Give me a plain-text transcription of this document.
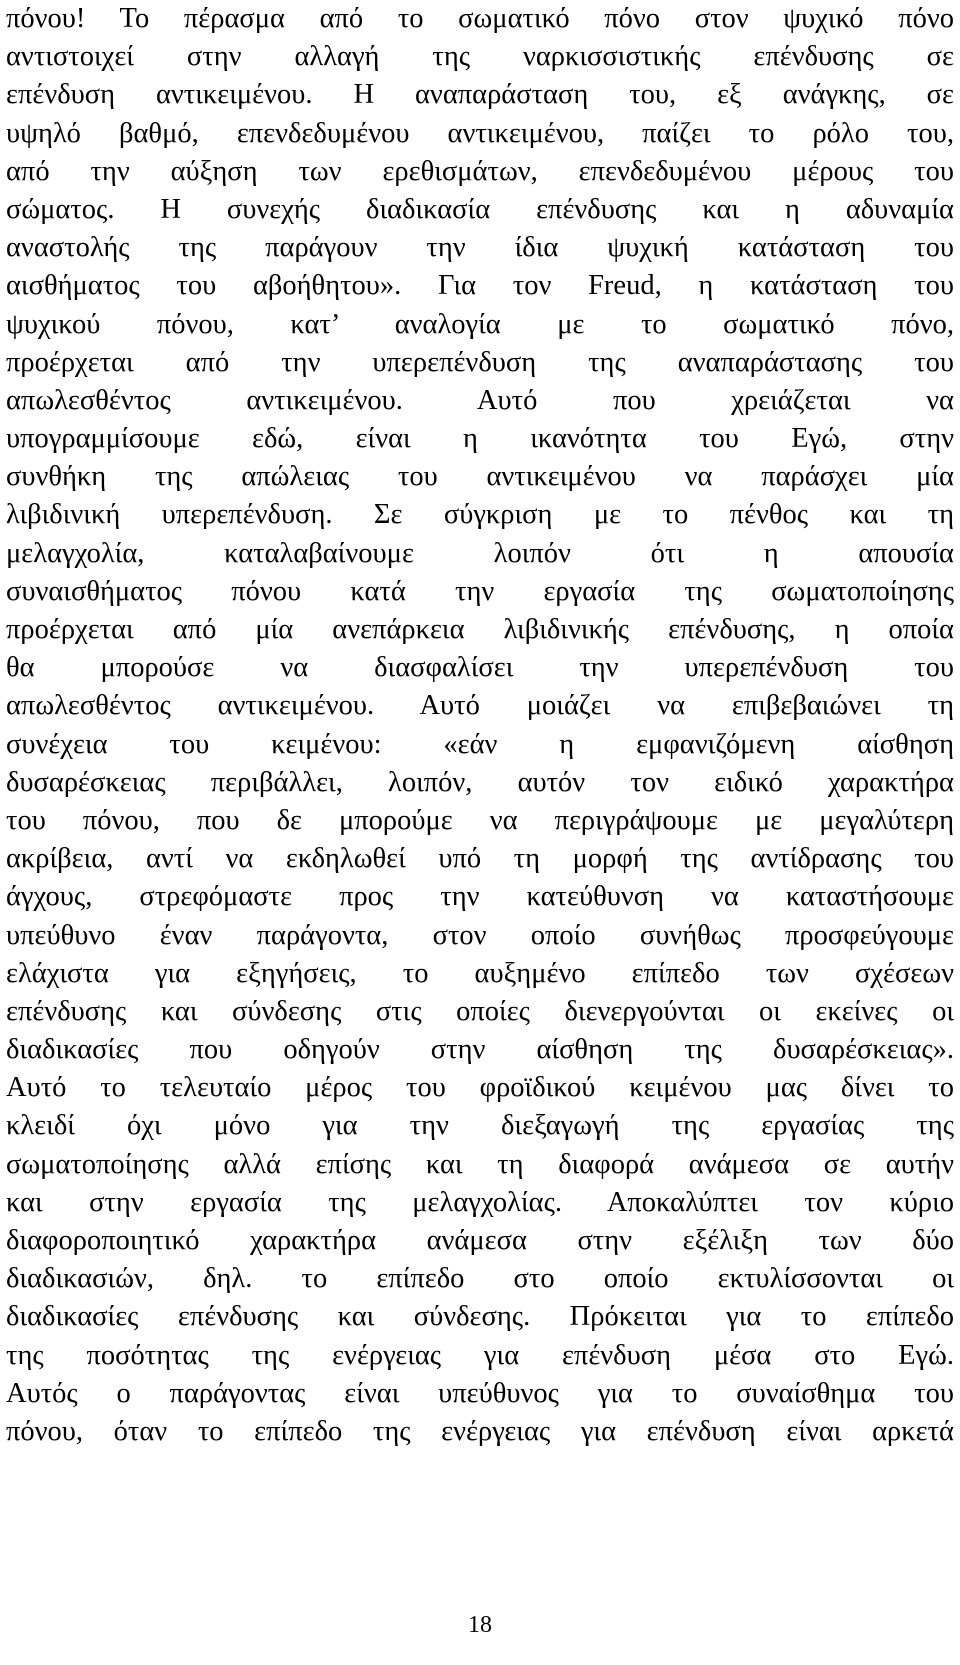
πόνου! Το πέρασμα από το σωματικό πόνο στον ψυχικό πόνο
αντιστοιχεί στην αλλαγή της ναρκισσιστικής επένδυσης σε
επένδυση αντικειμένου. Η αναπαράσταση του, εξ ανάγκης, σε
υψηλό βαθμό, επενδεδυμένου αντικειμένου, παίζει το ρόλο του,
από την αύξηση των ερεθισμάτων, επενδεδυμένου μέρους του
σώματος. Η συνεχής διαδικασία επένδυσης και η αδυναμία
αναστολής της παράγουν την ίδια ψυχική κατάσταση του
αισθήματος του αβοήθητου». Για τον Freud, η κατάσταση του
ψυχικού πόνου, κατ’ αναλογία με το σωματικό πόνο,
προέρχεται από την υπερεπένδυση της αναπαράστασης του
απωλεσθέντος αντικειμένου. Αυτό που χρειάζεται να
υπογραμμίσουμε εδώ, είναι η ικανότητα του Εγώ, στην
συνθήκη της απώλειας του αντικειμένου να παράσχει μία
λιβιδινική υπερεπένδυση. Σε σύγκριση με το πένθος και τη
μελαγχολία, καταλαβαίνουμε λοιπόν ότι η απουσία
συναισθήματος πόνου κατά την εργασία της σωματοποίησης
προέρχεται από μία ανεπάρκεια λιβιδινικής επένδυσης, η οποία
θα μπορούσε να διασφαλίσει την υπερεπένδυση του
απωλεσθέντος αντικειμένου. Αυτό μοιάζει να επιβεβαιώνει τη
συνέχεια του κειμένου: «εάν η εμφανιζόμενη αίσθηση
δυσαρέσκειας περιβάλλει, λοιπόν, αυτόν τον ειδικό χαρακτήρα
του πόνου, που δε μπορούμε να περιγράψουμε με μεγαλύτερη
ακρίβεια, αντί να εκδηλωθεί υπό τη μορφή της αντίδρασης του
άγχους, στρεφόμαστε προς την κατεύθυνση να καταστήσουμε
υπεύθυνο έναν παράγοντα, στον οποίο συνήθως προσφεύγουμε
ελάχιστα για εξηγήσεις, το αυξημένο επίπεδο των σχέσεων
επένδυσης και σύνδεσης στις οποίες διενεργούνται οι εκείνες οι
διαδικασίες που οδηγούν στην αίσθηση της δυσαρέσκειας».
Αυτό το τελευταίο μέρος του φροϊδικού κειμένου μας δίνει το
κλειδί όχι μόνο για την διεξαγωγή της εργασίας της
σωματοποίησης αλλά επίσης και τη διαφορά ανάμεσα σε αυτήν
και στην εργασία της μελαγχολίας. Αποκαλύπτει τον κύριο
διαφοροποιητικό χαρακτήρα ανάμεσα στην εξέλιξη των δύο
διαδικασιών, δηλ. το επίπεδο στο οποίο εκτυλίσσονται οι
διαδικασίες επένδυσης και σύνδεσης. Πρόκειται για το επίπεδο
της ποσότητας της ενέργειας για επένδυση μέσα στο Εγώ.
Αυτός ο παράγοντας είναι υπεύθυνος για το συναίσθημα του
πόνου, όταν το επίπεδο της ενέργειας για επένδυση είναι αρκετά
18
